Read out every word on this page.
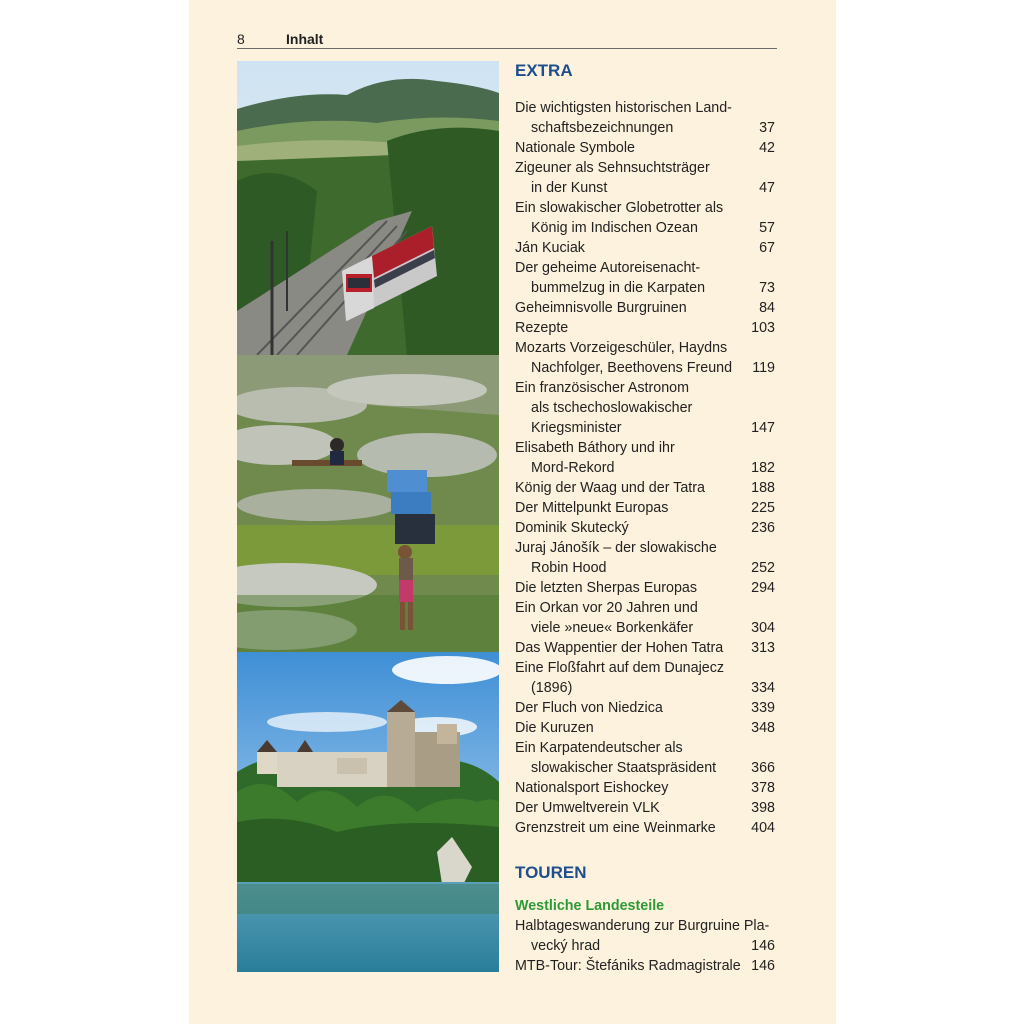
8	Inhalt
EXTRA
Die wichtigsten historischen Land-
schaftsbezeichnungen	37
Nationale Symbole	42
Zigeuner als Sehnsuchtsträger
in der Kunst	47
Ein slowakischer Globetrotter als
König im Indischen Ozean	57
Ján Kuciak	67
Der geheime Autoreisenacht-
bummelzug in die Karpaten	73
Geheimnisvolle Burgruinen	84
Rezepte	103
Mozarts Vorzeigeschüler, Haydns
Nachfolger, Beethovens Freund	119
Ein französischer Astronom
als tschechoslowakischer
Kriegsminister	147
Elisabeth Báthory und ihr
Mord-Rekord	182
König der Waag und der Tatra	188
Der Mittelpunkt Europas	225
Dominik Skutecký	236
Juraj Jánošík – der slowakische
Robin Hood	252
Die letzten Sherpas Europas	294
Ein Orkan vor 20 Jahren und
viele »neue« Borkenkäfer	304
Das Wappentier der Hohen Tatra	313
Eine Floßfahrt auf dem Dunajecz
(1896)	334
Der Fluch von Niedzica	339
Die Kuruzen	348
Ein Karpatendeutscher als
slowakischer Staatspräsident	366
Nationalsport Eishockey	378
Der Umweltverein VLK	398
Grenzstreit um eine Weinmarke	404
TOUREN
Westliche Landesteile
Halbtageswanderung zur Burgruine Pla-
vecký hrad	146
MTB-Tour: Štefániks Radmagistrale 146
